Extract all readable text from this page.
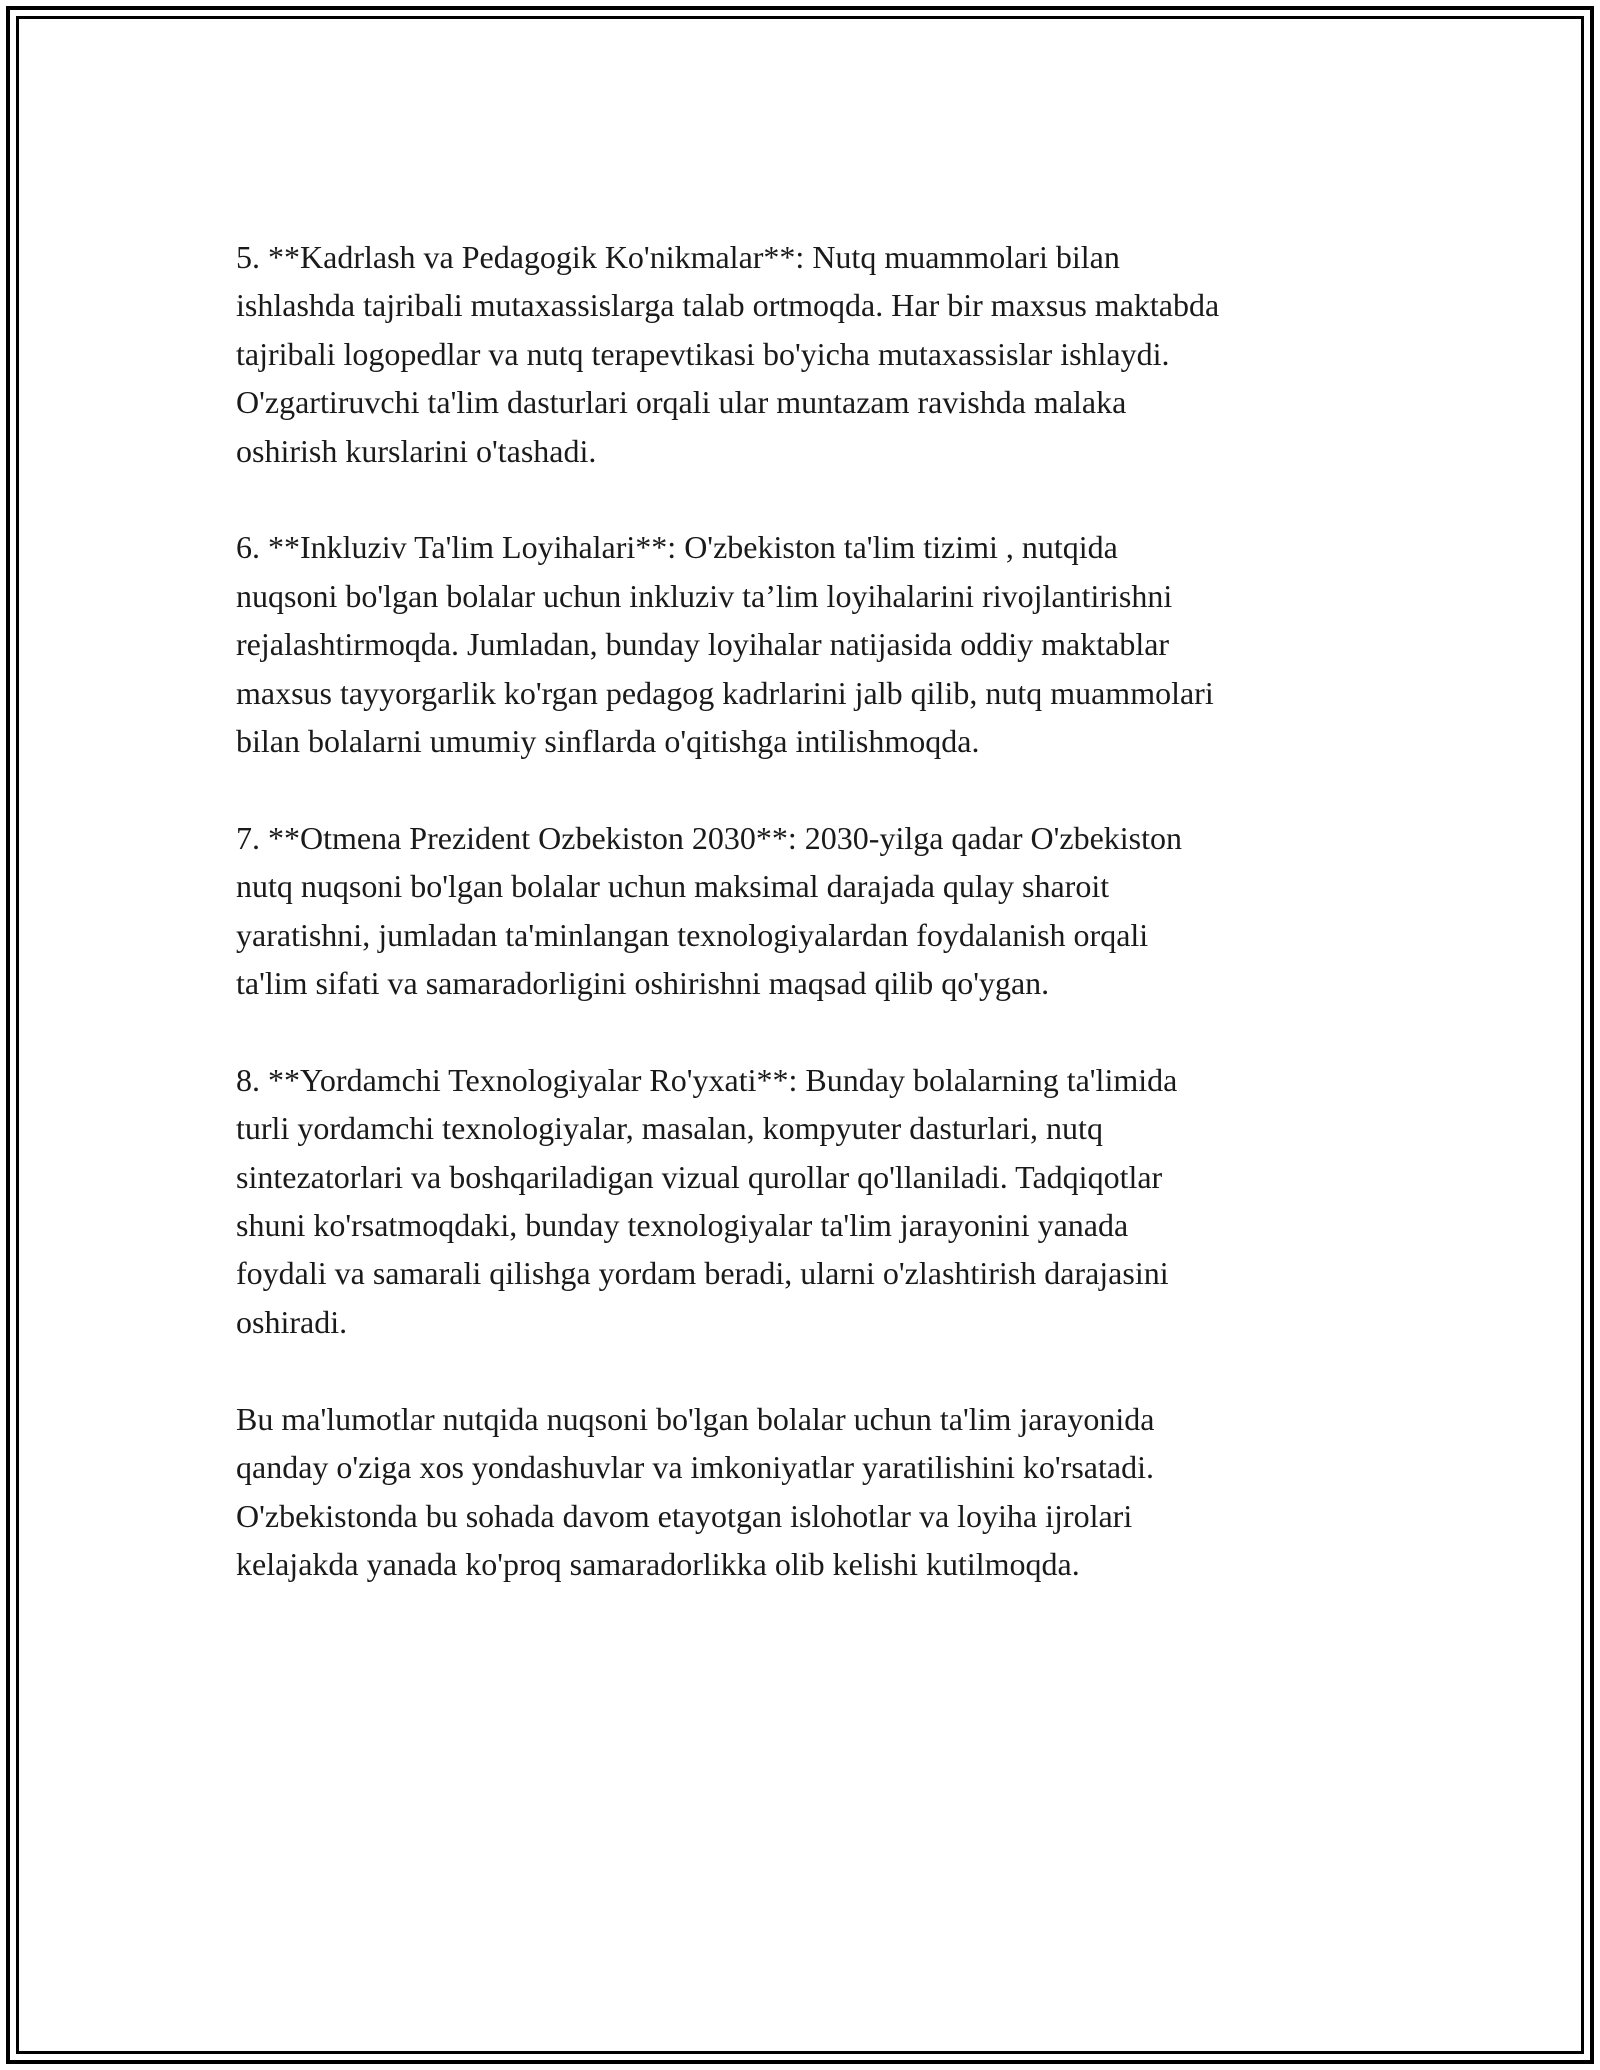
5. **Kadrlash va Pedagogik Ko'nikmalar**: Nutq muammolari bilan
ishlashda tajribali mutaxassislarga talab ortmoqda. Har bir maxsus maktabda
tajribali logopedlar va nutq terapevtikasi bo'yicha mutaxassislar ishlaydi.
O'zgartiruvchi ta'lim dasturlari orqali ular muntazam ravishda malaka
oshirish kurslarini o'tashadi.
6. **Inkluziv Ta'lim Loyihalari**: O'zbekiston ta'lim tizimi , nutqida
nuqsoni bo'lgan bolalar uchun inkluziv ta’lim loyihalarini rivojlantirishni
rejalashtirmoqda. Jumladan, bunday loyihalar natijasida oddiy maktablar
maxsus tayyorgarlik ko'rgan pedagog kadrlarini jalb qilib, nutq muammolari
bilan bolalarni umumiy sinflarda o'qitishga intilishmoqda.
7. **Otmena Prezident Ozbekiston 2030**: 2030-yilga qadar O'zbekiston
nutq nuqsoni bo'lgan bolalar uchun maksimal darajada qulay sharoit
yaratishni, jumladan ta'minlangan texnologiyalardan foydalanish orqali
ta'lim sifati va samaradorligini oshirishni maqsad qilib qo'ygan.
8. **Yordamchi Texnologiyalar Ro'yxati**: Bunday bolalarning ta'limida
turli yordamchi texnologiyalar, masalan, kompyuter dasturlari, nutq
sintezatorlari va boshqariladigan vizual qurollar qo'llaniladi. Tadqiqotlar
shuni ko'rsatmoqdaki, bunday texnologiyalar ta'lim jarayonini yanada
foydali va samarali qilishga yordam beradi, ularni o'zlashtirish darajasini
oshiradi.
Bu ma'lumotlar nutqida nuqsoni bo'lgan bolalar uchun ta'lim jarayonida
qanday o'ziga xos yondashuvlar va imkoniyatlar yaratilishini ko'rsatadi.
O'zbekistonda bu sohada davom etayotgan islohotlar va loyiha ijrolari
kelajakda yanada ko'proq samaradorlikka olib kelishi kutilmoqda.
